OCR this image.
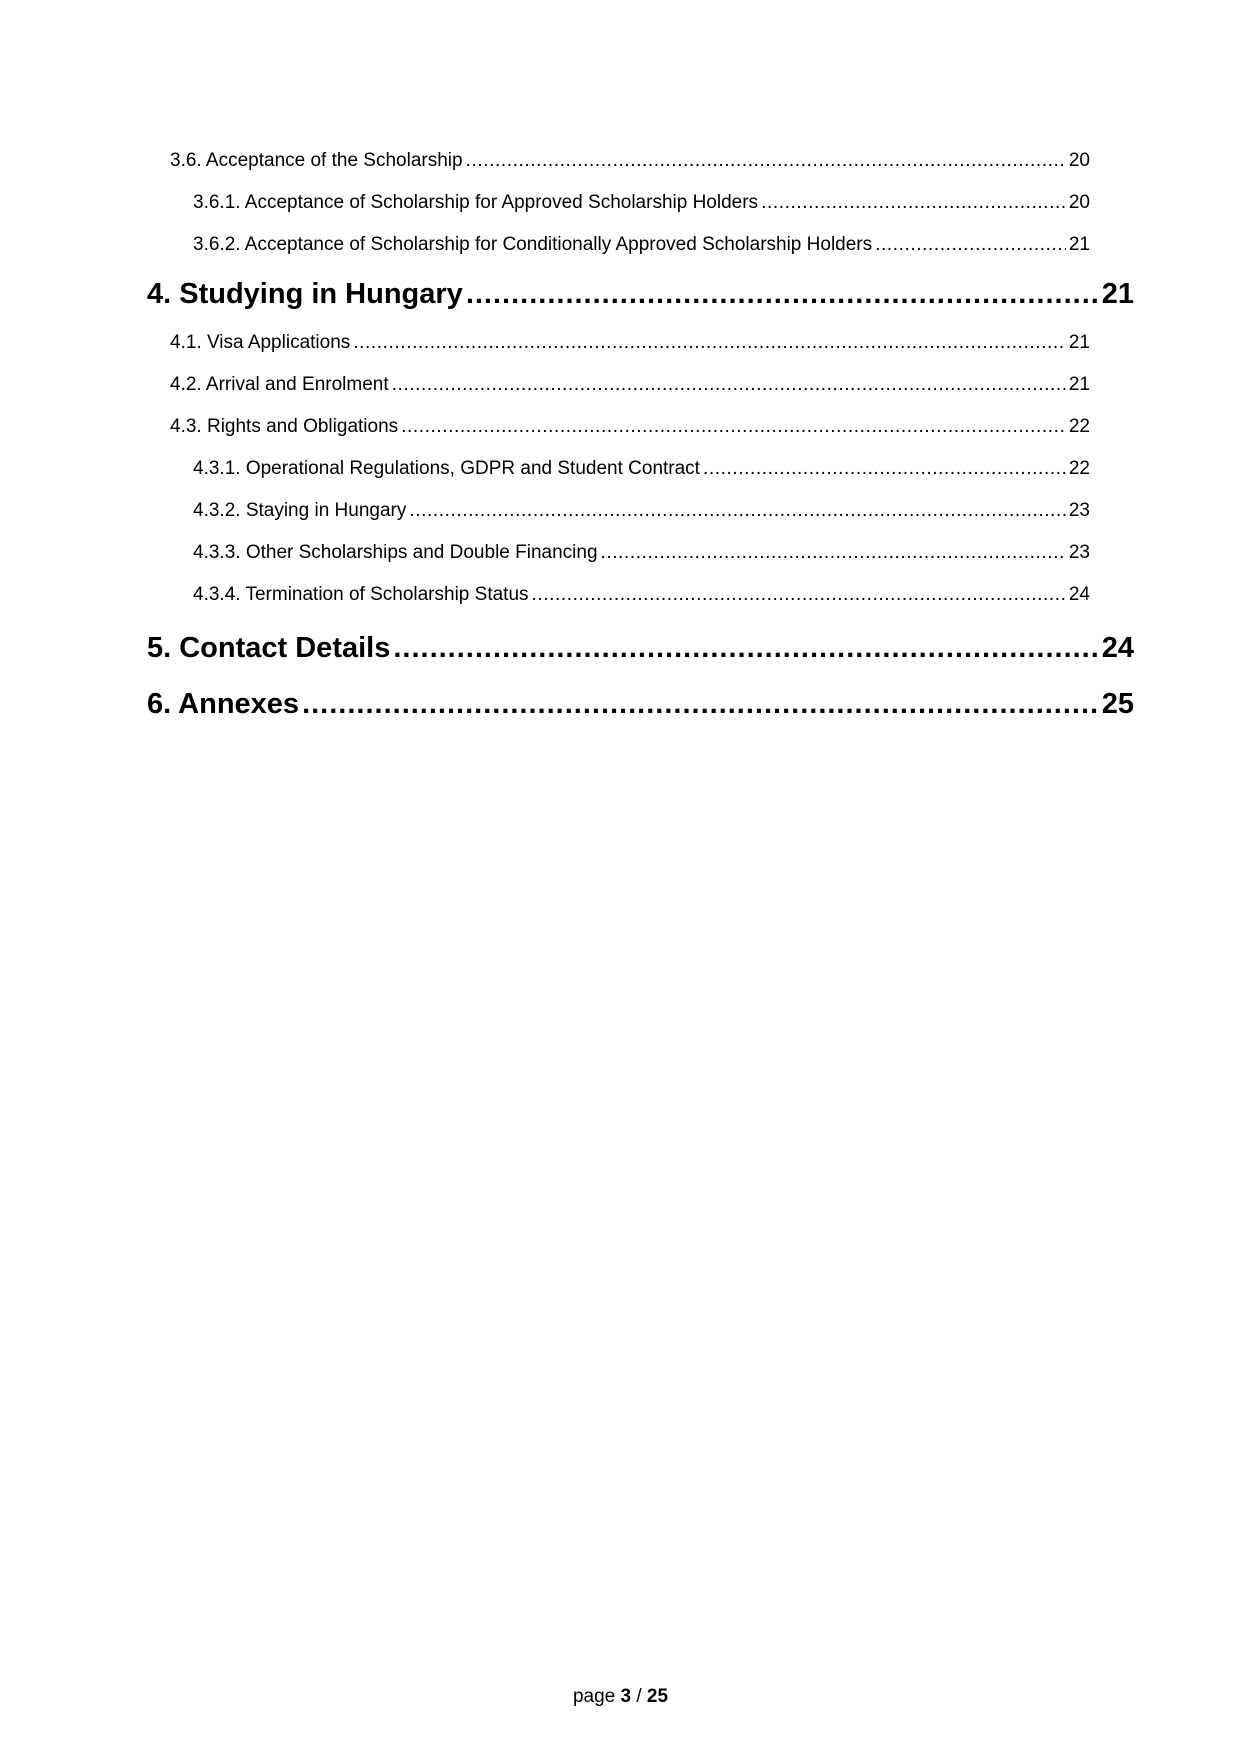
3.6. Acceptance of the Scholarship .....	20
3.6.1. Acceptance of Scholarship for Approved Scholarship Holders .....	20
3.6.2. Acceptance of Scholarship for Conditionally Approved Scholarship Holders .....	21
4. Studying in Hungary .....	21
4.1. Visa Applications .....	21
4.2. Arrival and Enrolment .....	21
4.3. Rights and Obligations .....	22
4.3.1. Operational Regulations, GDPR and Student Contract .....	22
4.3.2. Staying in Hungary .....	23
4.3.3. Other Scholarships and Double Financing .....	23
4.3.4. Termination of Scholarship Status .....	24
5. Contact Details .....	24
6. Annexes .....	25
page 3 / 25
